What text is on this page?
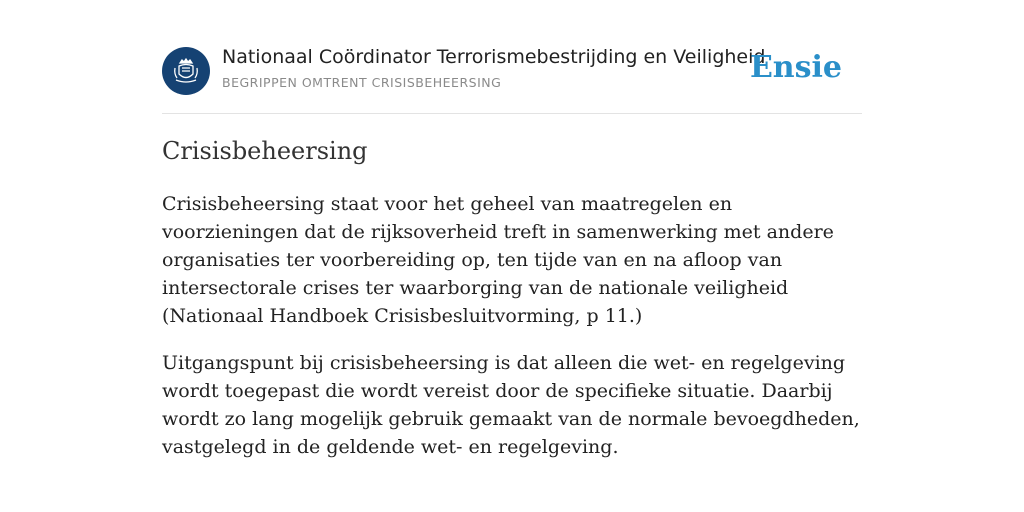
Nationaal Coördinator Terrorismebestrijding en Veiligheid
BEGRIPPEN OMTRENT CRISISBEHEERSING	Ensie
Crisisbeheersing

Crisisbeheersing staat voor het geheel van maatregelen en voorzieningen dat de rijksoverheid treft in samenwerking met andere organisaties ter voorbereiding op, ten tijde van en na afloop van intersectorale crises ter waarborging van de nationale veiligheid (Nationaal Handboek Crisisbesluitvorming, p 11.)

Uitgangspunt bij crisisbeheersing is dat alleen die wet- en regelgeving wordt toegepast die wordt vereist door de specifieke situatie. Daarbij wordt zo lang mogelijk gebruik gemaakt van de normale bevoegdheden, vastgelegd in de geldende wet- en regelgeving.
